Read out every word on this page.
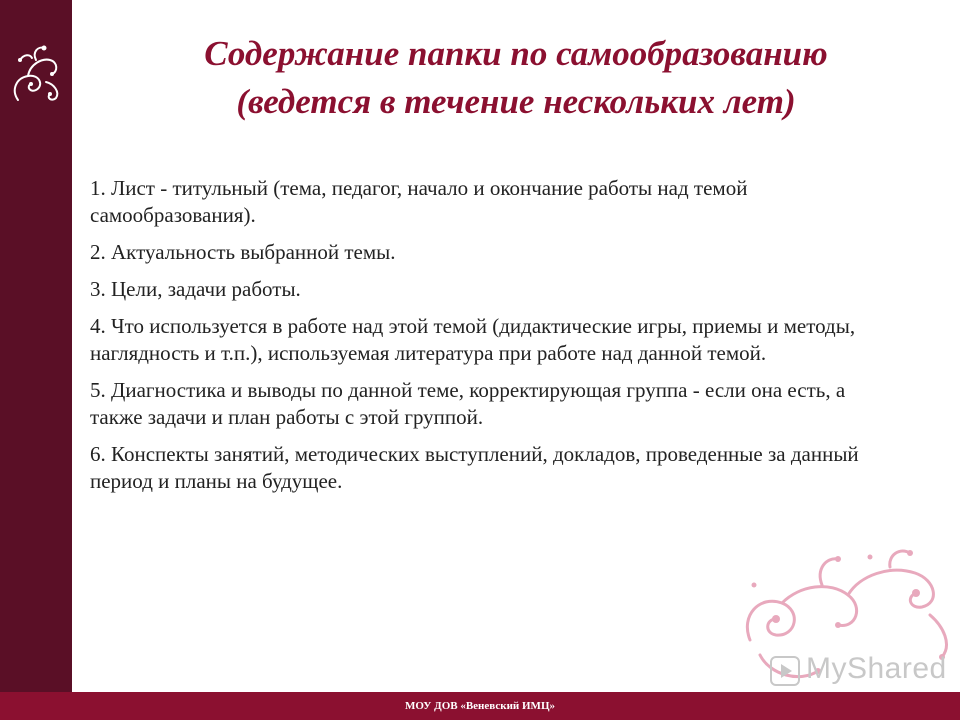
Содержание папки по самообразованию
(ведется в течение нескольких лет)

1. Лист - титульный (тема, педагог, начало и окончание работы над темой самообразования).

2. Актуальность выбранной темы.

3. Цели, задачи работы.

4. Что используется в работе над этой темой (дидактические игры, приемы и методы, наглядность и т.п.), используемая литература при работе над данной темой.

5. Диагностика и выводы по данной теме, корректирующая группа - если она есть, а также задачи и план работы с этой группой.

6. Конспекты занятий, методических выступлений, докладов, проведенные за данный период и планы на будущее.

MyShared
МОУ ДОВ «Веневский ИМЦ»
